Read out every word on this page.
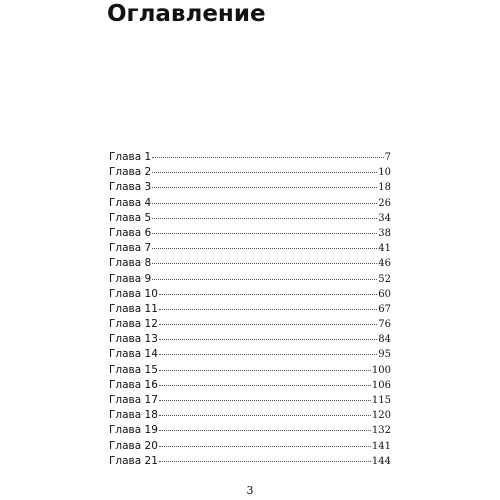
Оглавление
Глава 1	7
Глава 2	10
Глава 3	18
Глава 4	26
Глава 5	34
Глава 6	38
Глава 7	41
Глава 8	46
Глава 9	52
Глава 10	60
Глава 11	67
Глава 12	76
Глава 13	84
Глава 14	95
Глава 15	100
Глава 16	106
Глава 17	115
Глава 18	120
Глава 19	132
Глава 20	141
Глава 21	144
3
